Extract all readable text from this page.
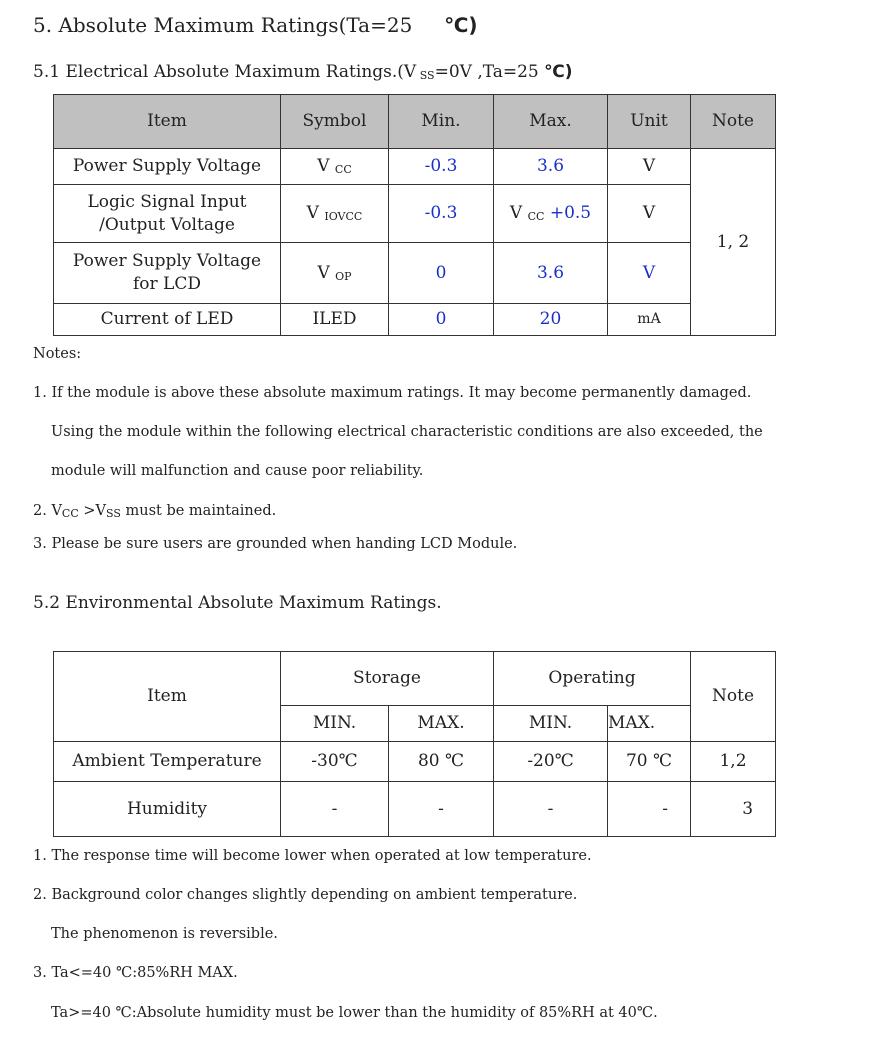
5. Absolute Maximum Ratings(Ta=25 ℃)
5.1 Electrical Absolute Maximum Ratings.(V $_{SS}$=0V ,Ta=25 ℃)
Item	Symbol	Min.	Max.	Unit	Note
Power Supply Voltage	V $_{CC}$	-0.3	3.6	V	1, 2
Logic Signal Input
/Output Voltage	V $_{IOVCC}$	-0.3	V $_{CC}$ +0.5	V	
Power Supply Voltage
for LCD	V $_{OP}$	0	3.6	V	
Current of LED	ILED	0	20	mA	
Notes:
1. If the module is above these absolute maximum ratings. It may become permanently damaged.
Using the module within the following electrical characteristic conditions are also exceeded, the
module will malfunction and cause poor reliability.
2. $V_{CC} >V_{SS}$ must be maintained.
3. Please be sure users are grounded when handing LCD Module.
5.2 Environmental Absolute Maximum Ratings.
Item	Storage		Operating		Note
	MIN.	MAX.	MIN.	MAX.	
Ambient Temperature	-30℃	80 ℃	-20℃	70 ℃	1,2
Humidity	-	-	-	-	3
1. The response time will become lower when operated at low temperature.
2. Background color changes slightly depending on ambient temperature.
The phenomenon is reversible.
3. Ta<=40 ℃:85%RH MAX.
Ta>=40 ℃:Absolute humidity must be lower than the humidity of 85%RH at 40℃.
